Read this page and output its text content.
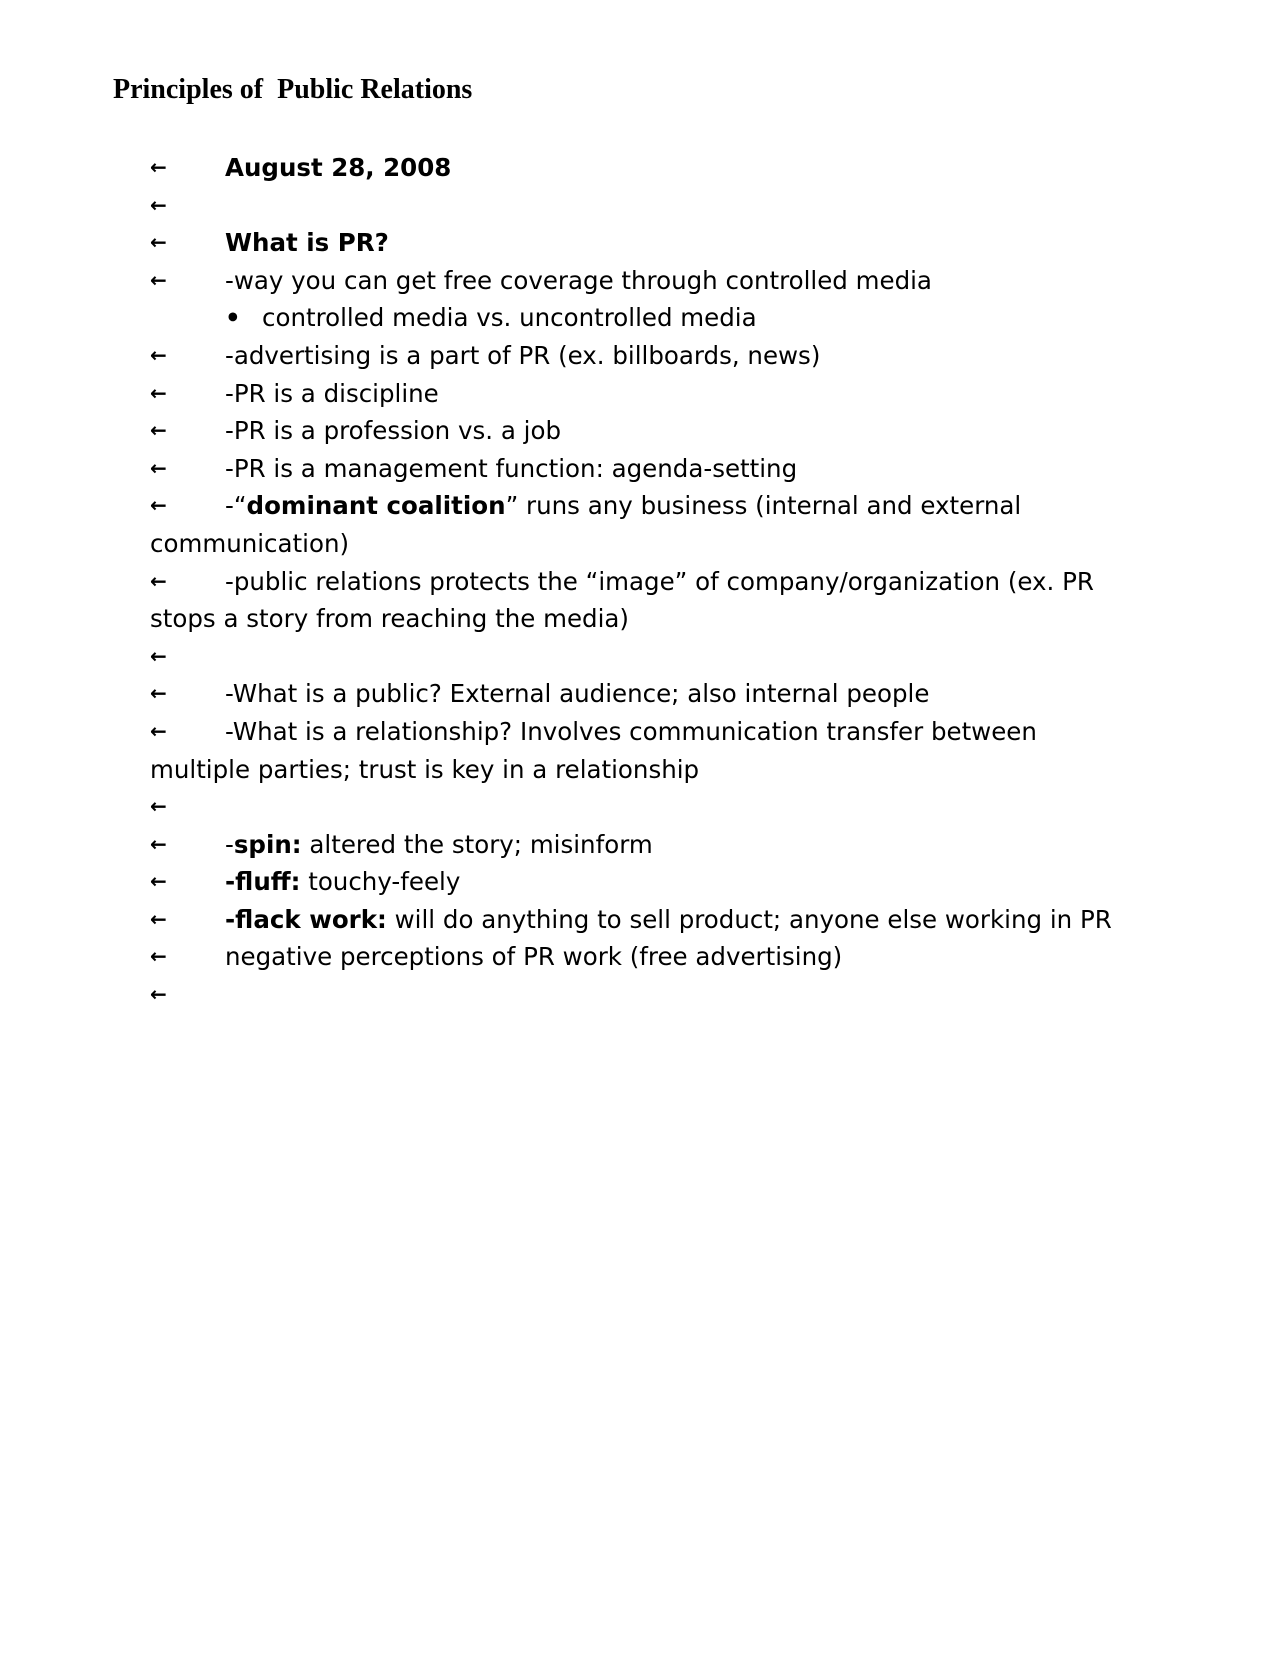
Principles of  Public Relations

← August 28, 2008

←

← What is PR?

← -way you can get free coverage through controlled media

• controlled media vs. uncontrolled media

← -advertising is a part of PR (ex. billboards, news)

← -PR is a discipline

← -PR is a profession vs. a job

← -PR is a management function: agenda-setting

← -“dominant coalition” runs any business (internal and external communication)

← -public relations protects the “image” of company/organization (ex. PR stops a story from reaching the media)

←

← -What is a public? External audience; also internal people

← -What is a relationship? Involves communication transfer between multiple parties; trust is key in a relationship

←

← -spin: altered the story; misinform

← -fluff: touchy-feely

← -flack work: will do anything to sell product; anyone else working in PR

← negative perceptions of PR work (free advertising)

←
